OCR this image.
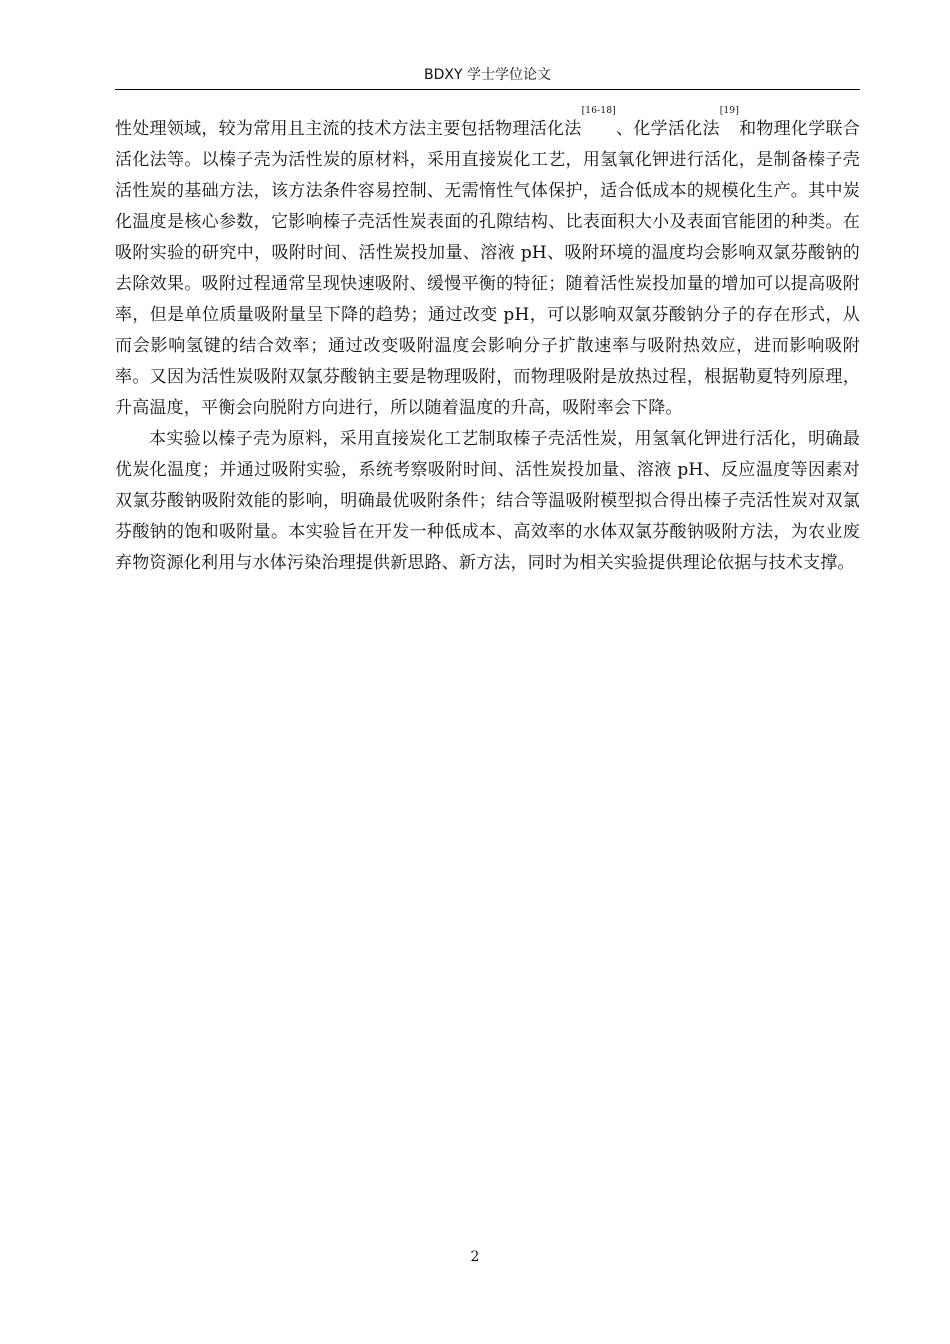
BDXY 学士学位论文

性处理领域，较为常用且主流的技术方法主要包括物理活化法[16-18]、化学活化法[19]和物理化学联合活化法等。以榛子壳为活性炭的原材料，采用直接炭化工艺，用氢氧化钾进行活化，是制备榛子壳活性炭的基础方法，该方法条件容易控制、无需惰性气体保护，适合低成本的规模化生产。其中炭化温度是核心参数，它影响榛子壳活性炭表面的孔隙结构、比表面积大小及表面官能团的种类。在吸附实验的研究中，吸附时间、活性炭投加量、溶液 pH、吸附环境的温度均会影响双氯芬酸钠的去除效果。吸附过程通常呈现快速吸附、缓慢平衡的特征；随着活性炭投加量的增加可以提高吸附率，但是单位质量吸附量呈下降的趋势；通过改变 pH，可以影响双氯芬酸钠分子的存在形式，从而会影响氢键的结合效率；通过改变吸附温度会影响分子扩散速率与吸附热效应，进而影响吸附率。又因为活性炭吸附双氯芬酸钠主要是物理吸附，而物理吸附是放热过程，根据勒夏特列原理，升高温度，平衡会向脱附方向进行，所以随着温度的升高，吸附率会下降。

本实验以榛子壳为原料，采用直接炭化工艺制取榛子壳活性炭，用氢氧化钾进行活化，明确最优炭化温度；并通过吸附实验，系统考察吸附时间、活性炭投加量、溶液 pH、反应温度等因素对双氯芬酸钠吸附效能的影响，明确最优吸附条件；结合等温吸附模型拟合得出榛子壳活性炭对双氯芬酸钠的饱和吸附量。本实验旨在开发一种低成本、高效率的水体双氯芬酸钠吸附方法，为农业废弃物资源化利用与水体污染治理提供新思路、新方法，同时为相关实验提供理论依据与技术支撑。

2
